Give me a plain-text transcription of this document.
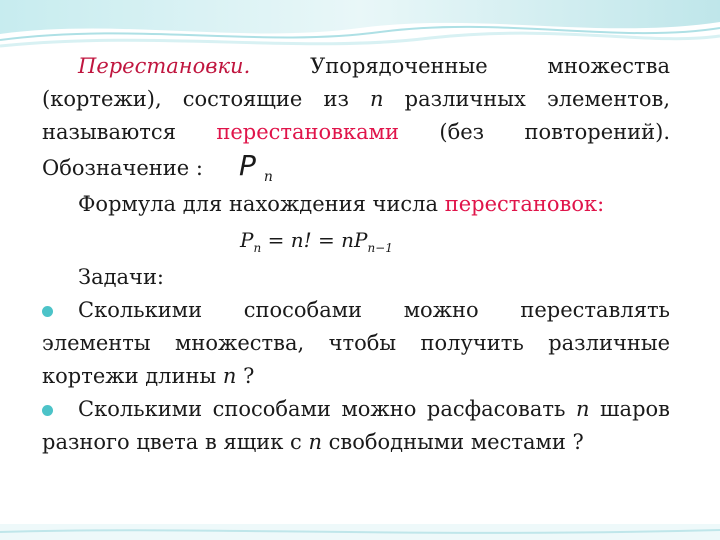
Перестановки. Упорядоченные множества (кортежи), состоящие из n различных элементов, называются перестановками (без повторений). Обозначение : P $_n$

Формула для нахождения числа перестановок:

Задачи:

Сколькими способами можно переставлять элементы множества, чтобы получить различные кортежи длины n ?

Сколькими способами можно расфасовать n шаров разного цвета в ящик с n свободными местами ?

$P_n = n$! = $nP_{n-1}$
